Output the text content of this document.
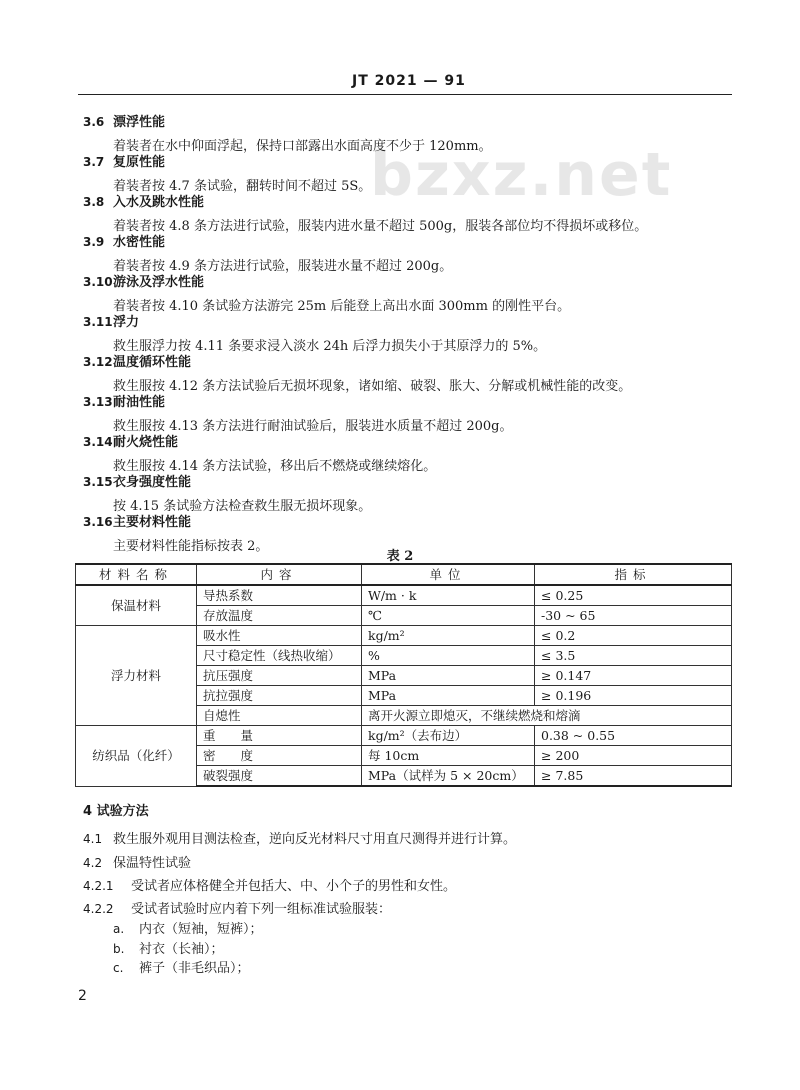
JT 2021 — 91
bzxz.net
3.6 漂浮性能
着装者在水中仰面浮起，保持口部露出水面高度不少于 120mm。
3.7 复原性能
着装者按 4.7 条试验，翻转时间不超过 5S。
3.8 入水及跳水性能
着装者按 4.8 条方法进行试验，服装内进水量不超过 500g，服装各部位均不得损坏或移位。
3.9 水密性能
着装者按 4.9 条方法进行试验，服装进水量不超过 200g。
3.10游泳及浮水性能
着装者按 4.10 条试验方法游完 25m 后能登上高出水面 300mm 的刚性平台。
3.11浮力
救生服浮力按 4.11 条要求浸入淡水 24h 后浮力损失小于其原浮力的 5%。
3.12温度循环性能
救生服按 4.12 条方法试验后无损坏现象，诸如缩、破裂、胀大、分解或机械性能的改变。
3.13耐油性能
救生服按 4.13 条方法进行耐油试验后，服装进水质量不超过 200g。
3.14耐火烧性能
救生服按 4.14 条方法试验，移出后不燃烧或继续熔化。
3.15衣身强度性能
按 4.15 条试验方法检查救生服无损坏现象。
3.16主要材料性能
主要材料性能指标按表 2。
表 2
材料名称	内容	单位	指标
保温材料	导热系数	W/m · k	≤ 0.25
	存放温度	℃	-30 ~ 65
浮力材料	吸水性	kg/m²	≤ 0.2
	尺寸稳定性（线热收缩）	%	≤ 3.5
	抗压强度	MPa	≥ 0.147
	抗拉强度	MPa	≥ 0.196
	自熄性	离开火源立即熄灭，不继续燃烧和熔滴	
纺织品（化纤）	重　　量	kg/m²（去布边）	0.38 ~ 0.55
	密　　度	每 10cm	≥ 200
	破裂强度	MPa（试样为 5 × 20cm）	≥ 7.85
4 试验方法
4.1 救生服外观用目测法检查，逆向反光材料尺寸用直尺测得并进行计算。
4.2 保温特性试验
4.2.1 受试者应体格健全并包括大、中、小个子的男性和女性。
4.2.2 受试者试验时应内着下列一组标准试验服装：
a. 内衣（短袖，短裤）；
b. 衬衣（长袖）；
c. 裤子（非毛织品）；
2
